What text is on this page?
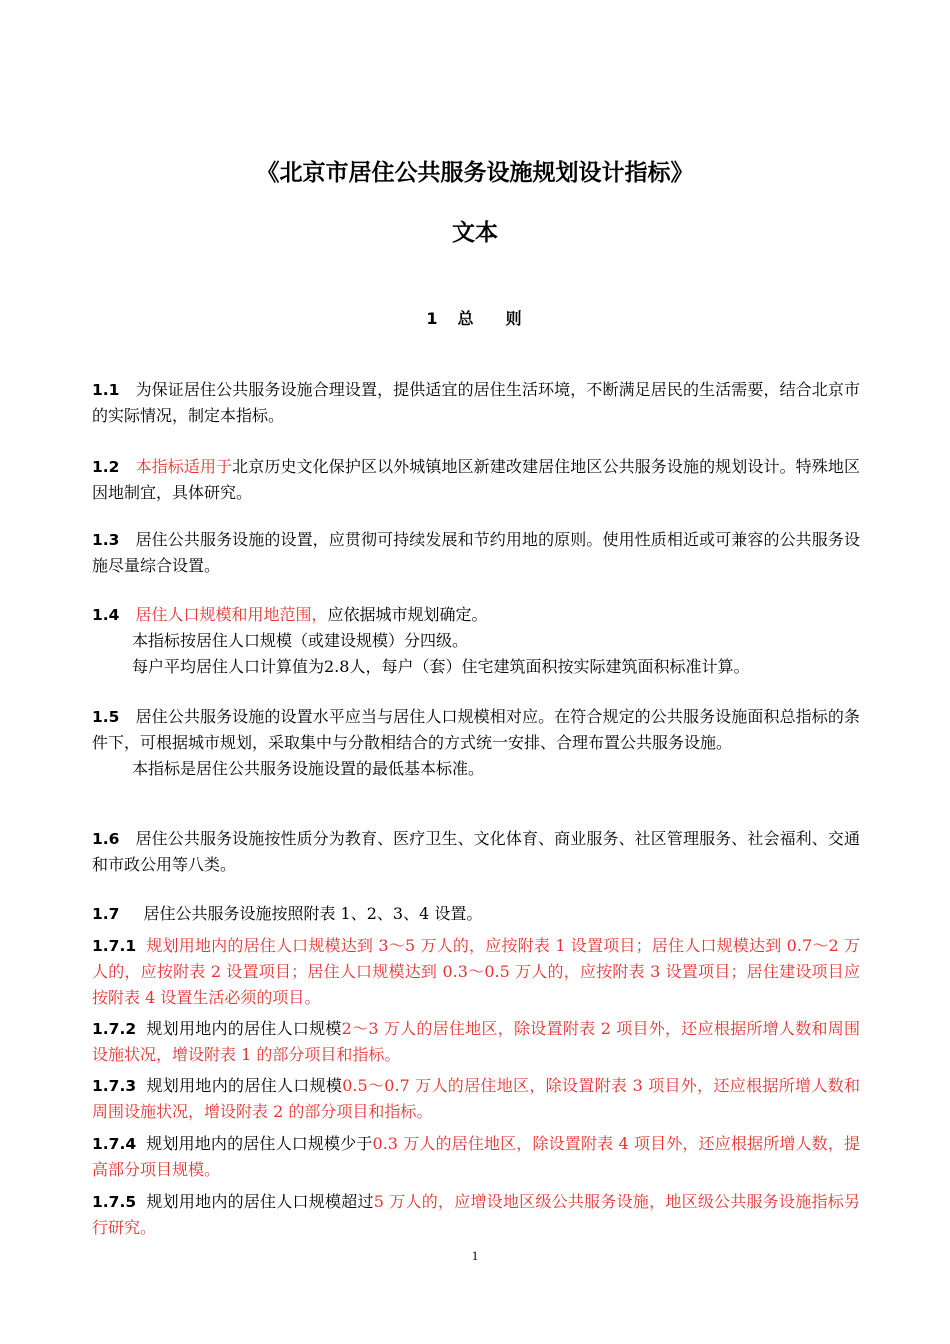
《北京市居住公共服务设施规划设计指标》
文本
1 总 则
1.1 为保证居住公共服务设施合理设置，提供适宜的居住生活环境，不断满足居民的生活需要，结合北京市的实际情况，制定本指标。
1.2 本指标适用于北京历史文化保护区以外城镇地区新建改建居住地区公共服务设施的规划设计。特殊地区因地制宜，具体研究。
1.3 居住公共服务设施的设置，应贯彻可持续发展和节约用地的原则。使用性质相近或可兼容的公共服务设施尽量综合设置。
1.4 居住人口规模和用地范围，应依据城市规划确定。
本指标按居住人口规模（或建设规模）分四级。
每户平均居住人口计算值为2.8人，每户（套）住宅建筑面积按实际建筑面积标准计算。
1.5 居住公共服务设施的设置水平应当与居住人口规模相对应。在符合规定的公共服务设施面积总指标的条件下，可根据城市规划，采取集中与分散相结合的方式统一安排、合理布置公共服务设施。
本指标是居住公共服务设施设置的最低基本标准。
1.6 居住公共服务设施按性质分为教育、医疗卫生、文化体育、商业服务、社区管理服务、社会福利、交通和市政公用等八类。
1.7 居住公共服务设施按照附表 1、2、3、4 设置。
1.7.1 规划用地内的居住人口规模达到 3～5 万人的，应按附表 1 设置项目；居住人口规模达到 0.7～2 万人的，应按附表 2 设置项目；居住人口规模达到 0.3～0.5 万人的，应按附表 3 设置项目；居住建设项目应按附表 4 设置生活必须的项目。
1.7.2 规划用地内的居住人口规模2～3 万人的居住地区，除设置附表 2 项目外，还应根据所增人数和周围设施状况，增设附表 1 的部分项目和指标。
1.7.3 规划用地内的居住人口规模0.5～0.7 万人的居住地区，除设置附表 3 项目外，还应根据所增人数和周围设施状况，增设附表 2 的部分项目和指标。
1.7.4 规划用地内的居住人口规模少于0.3 万人的居住地区，除设置附表 4 项目外，还应根据所增人数，提高部分项目规模。
1.7.5 规划用地内的居住人口规模超过5 万人的，应增设地区级公共服务设施，地区级公共服务设施指标另行研究。
1
